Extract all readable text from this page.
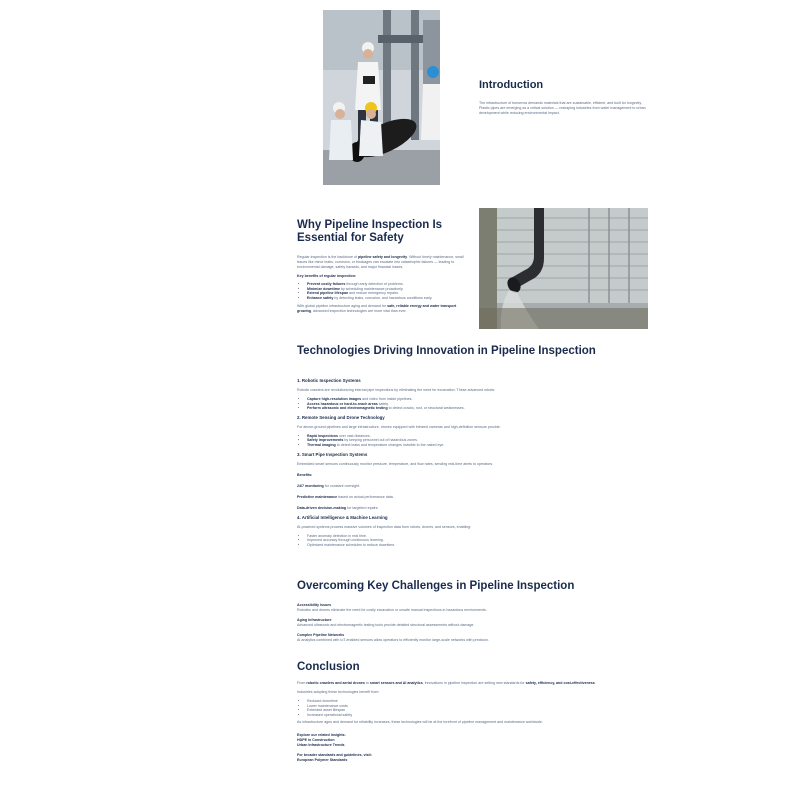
Introduction

The infrastructure of tomorrow demands materials that are sustainable, efficient, and built for longevity. Plastic pipes are emerging as a critical solution — reshaping industries from water management to urban development while reducing environmental impact.

Why Pipeline Inspection Is
Essential for Safety

Regular inspection is the backbone of pipeline safety and longevity. Without timely maintenance, small issues like minor leaks, corrosion, or blockages can escalate into catastrophic failures — leading to environmental damage, safety hazards, and major financial losses.

Key benefits of regular inspection:

• Prevent costly failures through early detection of problems.
• Minimize downtime by scheduling maintenance proactively.
• Extend pipeline lifespan and reduce emergency repairs.
• Enhance safety by detecting leaks, corrosion, and hazardous conditions early.

With global pipeline infrastructure aging and demand for safe, reliable energy and water transport growing, advanced inspection technologies are more vital than ever.

Technologies Driving Innovation in Pipeline Inspection

1. Robotic Inspection Systems

Robotic crawlers are revolutionizing internal pipe inspections by eliminating the need for excavation. These advanced robots:

• Capture high-resolution images and video from inside pipelines.
• Access hazardous or hard-to-reach areas safely.
• Perform ultrasonic and electromagnetic testing to detect cracks, rust, or structural weaknesses.

2. Remote Sensing and Drone Technology

For above-ground pipelines and large infrastructure, drones equipped with infrared cameras and high-definition sensors provide:

• Rapid inspections over vast distances.
• Safety improvements by keeping personnel out of hazardous zones.
• Thermal imaging to detect leaks and temperature changes invisible to the naked eye.

3. Smart Pipe Inspection Systems

Embedded smart sensors continuously monitor pressure, temperature, and flow rates, sending real-time alerts to operators.

Benefits:

24/7 monitoring for constant oversight.

Predictive maintenance based on actual performance data.

Data-driven decision-making for targeted repairs.

4. Artificial Intelligence & Machine Learning

AI-powered systems process massive volumes of inspection data from robots, drones, and sensors, enabling:

• Faster anomaly detection in real time.
• Improved accuracy through continuous learning.
• Optimized maintenance schedules to reduce downtime.
Overcoming Key Challenges in Pipeline Inspection

Accessibility Issues

Robotics and drones eliminate the need for costly excavation or unsafe manual inspections in hazardous environments.

Aging Infrastructure

Advanced ultrasonic and electromagnetic testing tools provide detailed structural assessments without damage.

Complex Pipeline Networks

AI analytics combined with IoT-enabled sensors allow operators to efficiently monitor large-scale networks with precision.

Conclusion

From robotic crawlers and aerial drones to smart sensors and AI analytics, innovations in pipeline inspection are setting new standards for safety, efficiency, and cost-effectiveness.

Industries adopting these technologies benefit from:

• Reduced downtime
• Lower maintenance costs
• Extended asset lifespan
• Increased operational safety

As infrastructure ages and demand for reliability increases, these technologies will be at the forefront of pipeline management and maintenance worldwide.

Explore our related insights:

HDPE in Construction

Urban Infrastructure Trends

For broader standards and guidelines, visit:

European Polymer Standards
